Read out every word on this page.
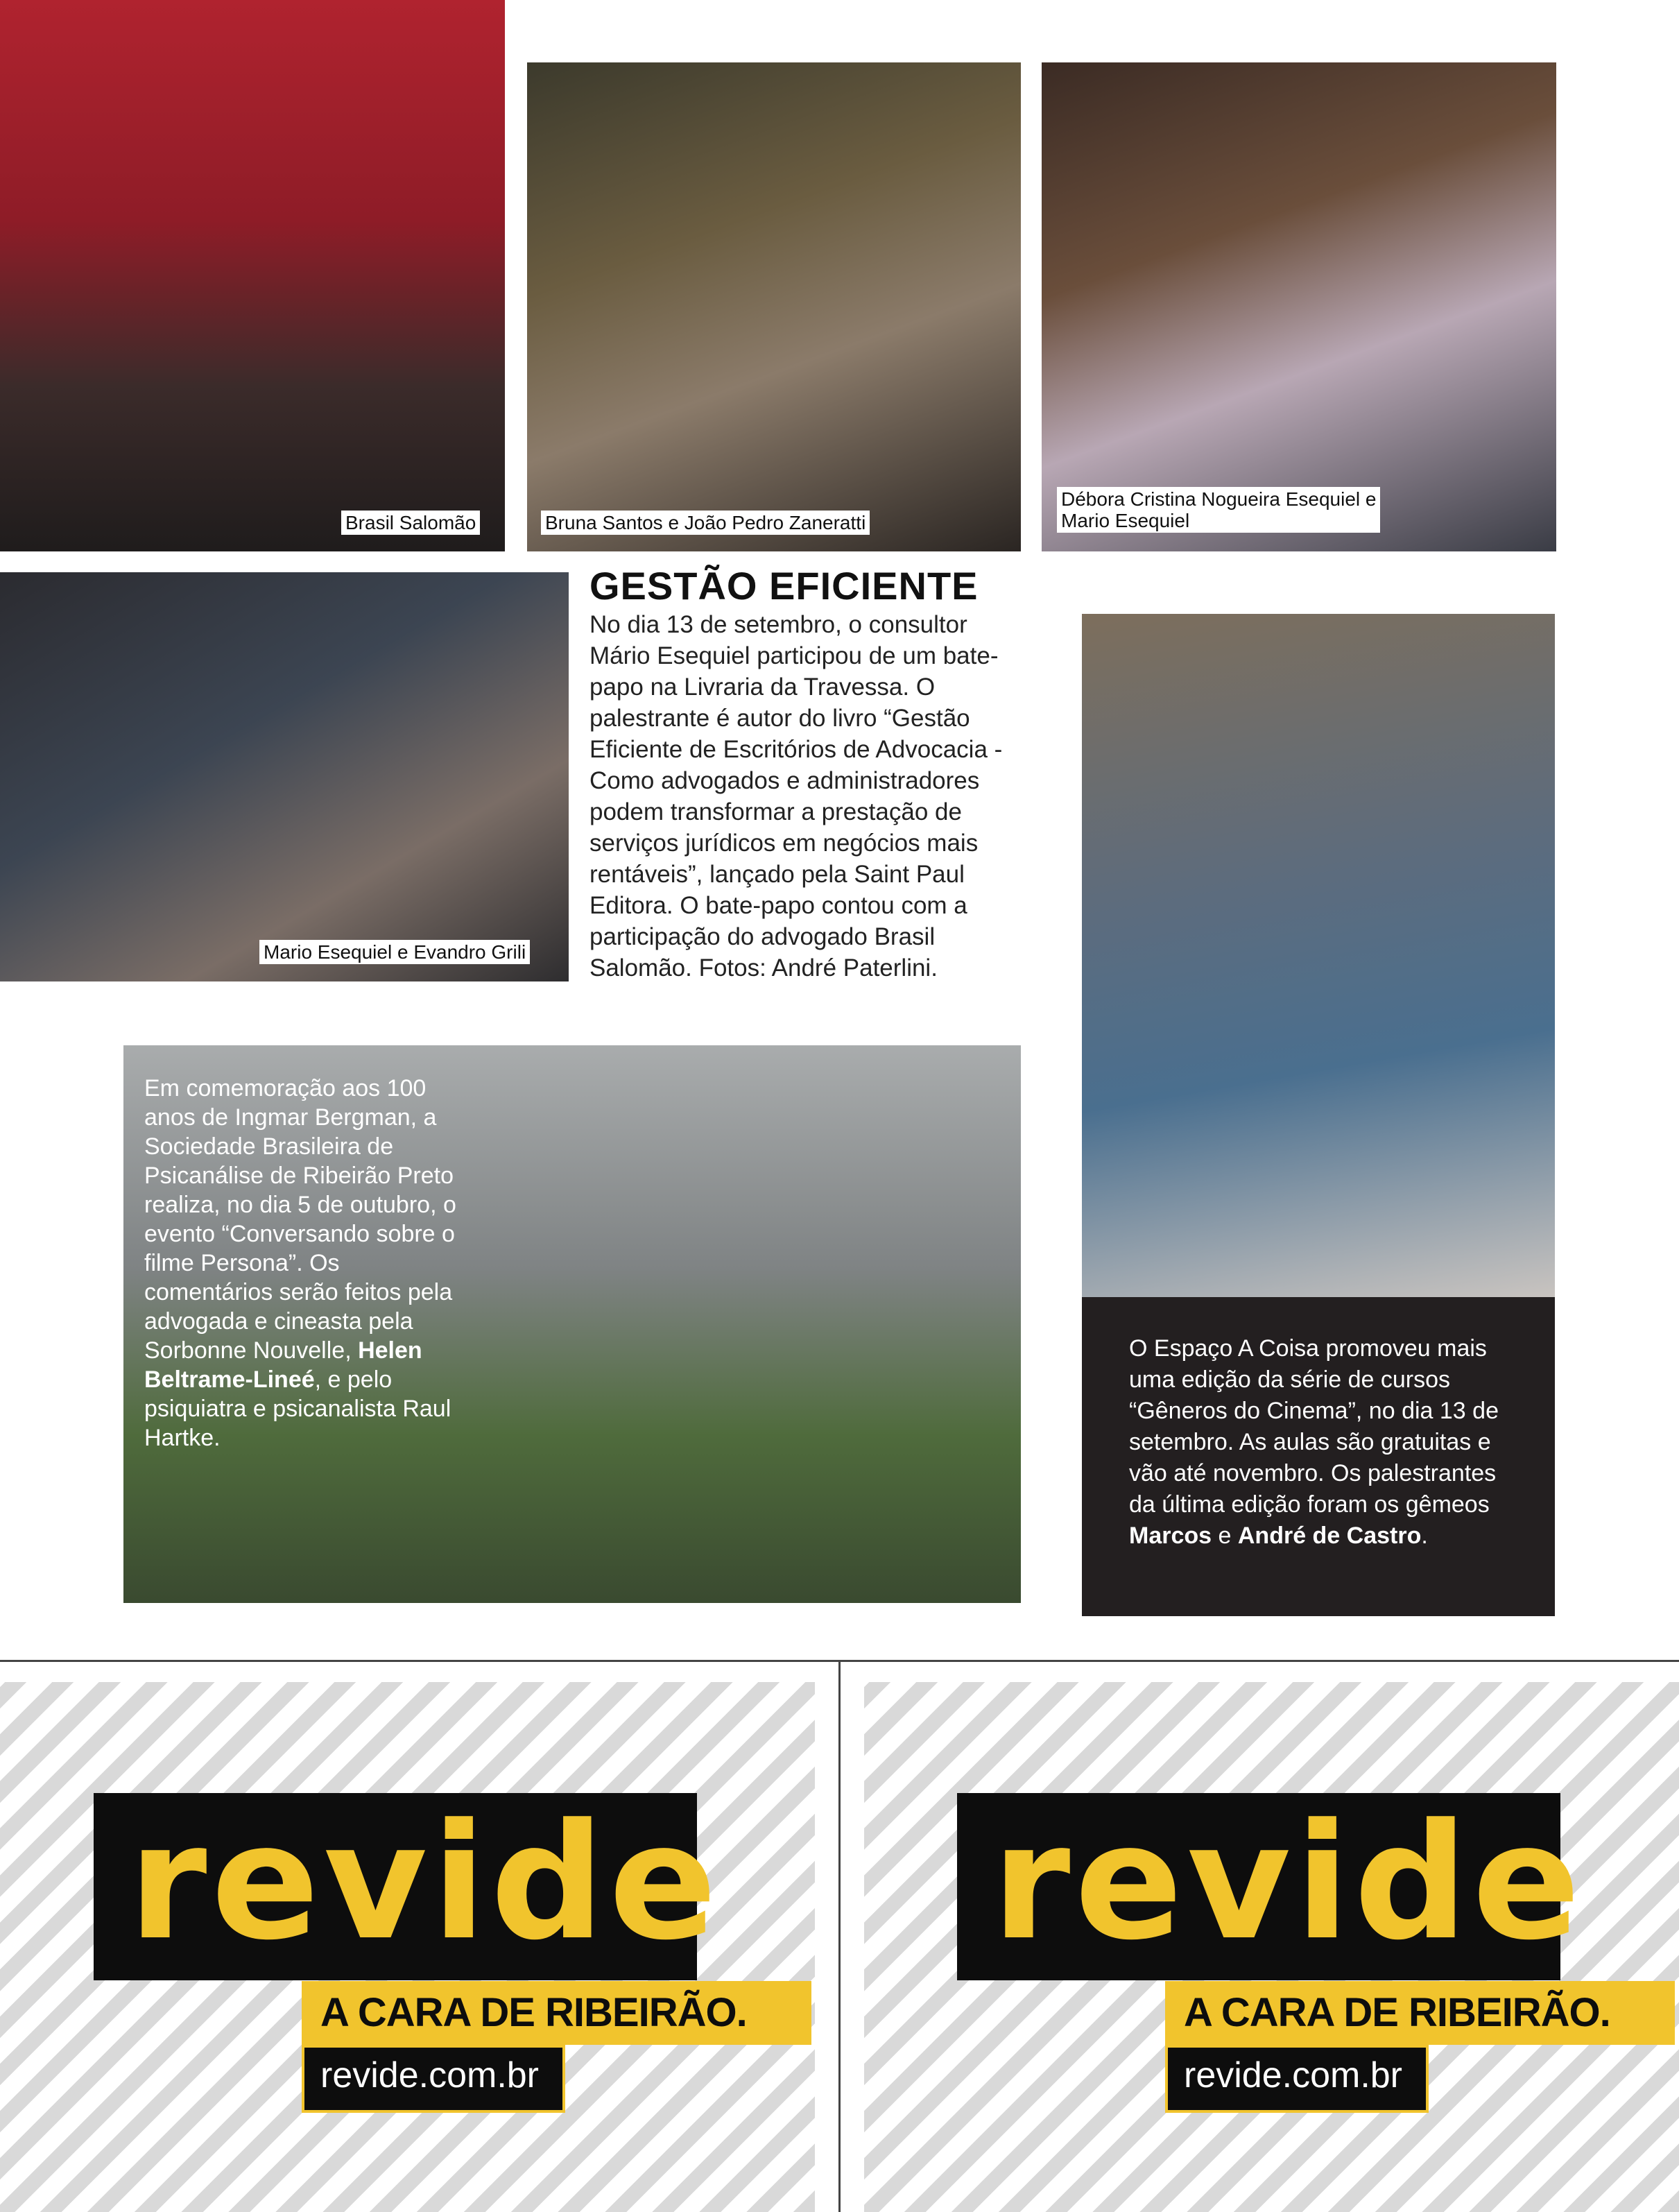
Brasil Salomão	Bruna Santos e João Pedro Zaneratti
Débora Cristina Nogueira Esequiel e
Mario Esequiel
Mario Esequiel e Evandro Grili
GESTÃO EFICIENTE
No dia 13 de setembro, o consultor Mário Esequiel participou de um bate-papo na Livraria da Travessa. O palestrante é autor do livro “Gestão Eficiente de Escritórios de Advocacia - Como advogados e administradores podem transformar a prestação de serviços jurídicos em negócios mais rentáveis”, lançado pela Saint Paul Editora. O bate-papo contou com a participação do advogado Brasil Salomão. Fotos: André Paterlini.
Em comemoração aos 100 anos de Ingmar Bergman, a Sociedade Brasileira de Psicanálise de Ribeirão Preto realiza, no dia 5 de outubro, o evento “Conversando sobre o filme Persona”. Os comentários serão feitos pela advogada e cineasta pela Sorbonne Nouvelle, Helen Beltrame-Lineé, e pelo psiquiatra e psicanalista Raul Hartke.
O Espaço A Coisa promoveu mais uma edição da série de cursos “Gêneros do Cinema”, no dia 13 de setembro. As aulas são gratuitas e vão até novembro. Os palestrantes da última edição foram os gêmeos Marcos e André de Castro.
revide
A CARA DE RIBEIRÃO.
revide.com.br
revide
A CARA DE RIBEIRÃO.
revide.com.br
